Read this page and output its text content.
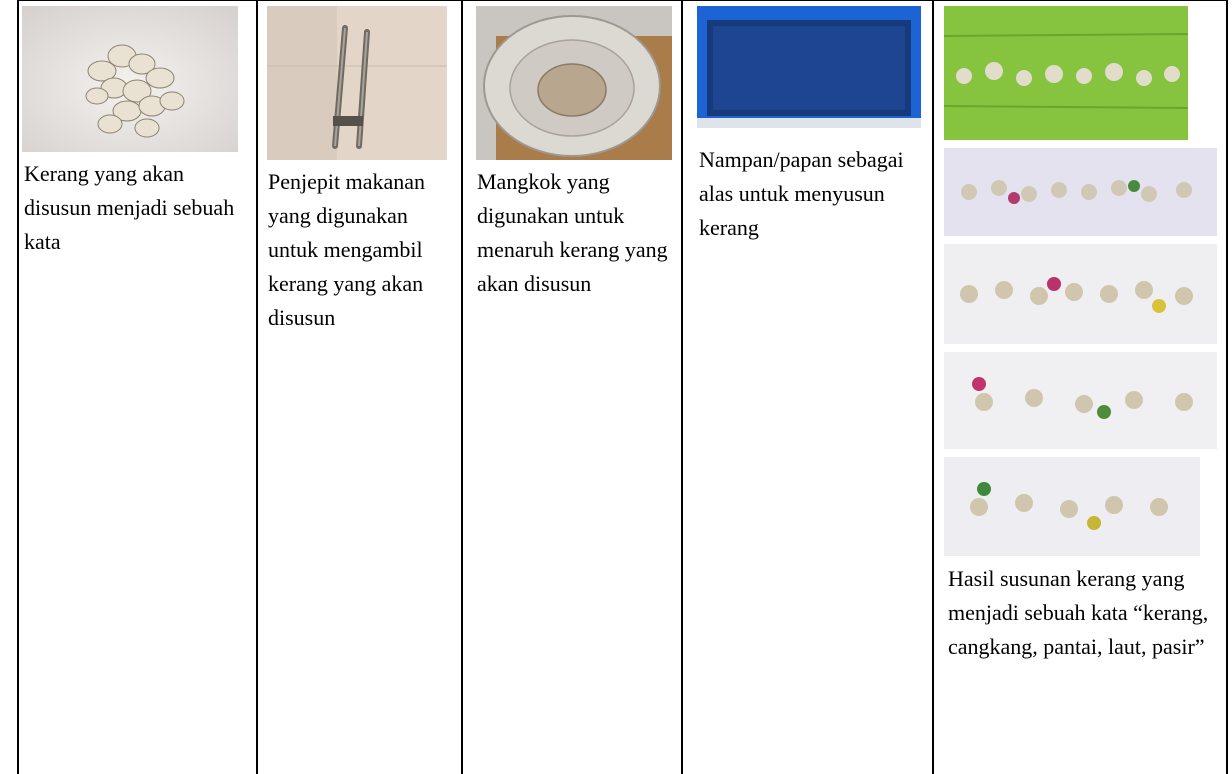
Kerang yang akan disusun menjadi sebuah kata

Penjepit makanan yang digunakan untuk mengambil kerang yang akan disusun

Mangkok yang digunakan untuk menaruh kerang yang akan disusun

Nampan/papan sebagai alas untuk menyusun kerang

Hasil susunan kerang yang menjadi sebuah kata “kerang, cangkang, pantai, laut, pasir”
